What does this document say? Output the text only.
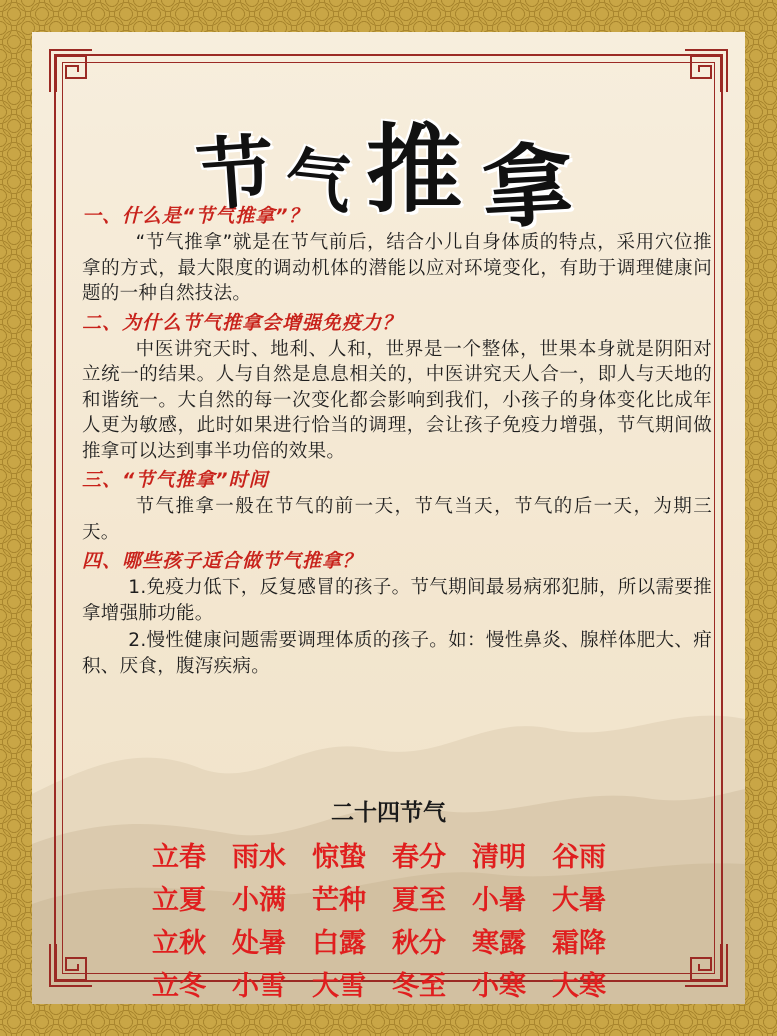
节 气 推 拿

一、什么是“节气推拿”？

“节气推拿”就是在节气前后，结合小儿自身体质的特点，采用穴位推拿的方式，最大限度的调动机体的潜能以应对环境变化，有助于调理健康问题的一种自然技法。

二、为什么节气推拿会增强免疫力？

中医讲究天时、地利、人和，世界是一个整体，世果本身就是阴阳对立统一的结果。人与自然是息息相关的，中医讲究天人合一，即人与天地的和谐统一。大自然的每一次变化都会影响到我们，小孩子的身体变化比成年人更为敏感，此时如果进行恰当的调理，会让孩子免疫力增强，节气期间做推拿可以达到事半功倍的效果。

三、“节气推拿”时间

节气推拿一般在节气的前一天，节气当天，节气的后一天，为期三天。

四、哪些孩子适合做节气推拿？

1.免疫力低下，反复感冒的孩子。节气期间最易病邪犯肺，所以需要推拿增强肺功能。

2.慢性健康问题需要调理体质的孩子。如：慢性鼻炎、腺样体肥大、疳积、厌食，腹泻疾病。

二十四节气
立春 雨水 惊蛰 春分 清明 谷雨
立夏 小满 芒种 夏至 小暑 大暑
立秋 处暑 白露 秋分 寒露 霜降
立冬 小雪 大雪 冬至 小寒 大寒
